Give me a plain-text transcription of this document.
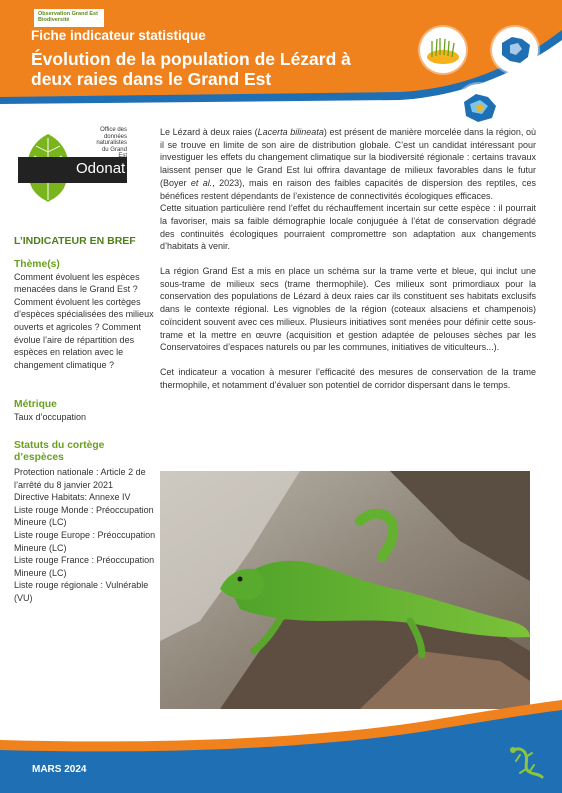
Observation Grand Est Biodiversité
Fiche indicateur statistique
Évolution de la population de Lézard à deux raies dans le Grand Est
Office des données naturalistes du Grand Est
Odonat
L’INDICATEUR EN BREF
Thème(s)
Comment évoluent les espèces menacées dans le Grand Est ? Comment évoluent les cortèges d’espèces spécialisées des milieux ouverts et agricoles ? Comment évolue l’aire de répartition des espèces en relation avec le changement climatique ?
Métrique
Taux d’occupation
Statuts du cortège d’espèces
Protection nationale : Article 2 de l’arrêté du 8 janvier 2021
Directive Habitats: Annexe IV
Liste rouge Monde : Préoccupation Mineure (LC)
Liste rouge Europe : Préoccupation Mineure (LC)
Liste rouge France : Préoccupation Mineure (LC)
Liste rouge régionale : Vulnérable (VU)

Le Lézard à deux raies (Lacerta bilineata) est présent de manière morcelée dans la région, où il se trouve en limite de son aire de distribution globale. C’est un candidat intéressant pour investiguer les effets du changement climatique sur la biodiversité régionale : certains travaux laissent penser que le Grand Est lui offrira davantage de milieux favorables dans le futur (Boyer et al., 2023), mais en raison des faibles capacités de dispersion des reptiles, ces bénéfices restent dépendants de l’existence de connectivités écologiques efficaces.

Cette situation particulière rend l’effet du réchauffement incertain sur cette espèce : il pourrait la favoriser, mais sa faible démographie locale conjuguée à l’état de conservation dégradé des continuités écologiques pourraient compromettre son adaptation aux changements d’habitats à venir.

La région Grand Est a mis en place un schéma sur la trame verte et bleue, qui inclut une sous-trame de milieux secs (trame thermophile). Ces milieux sont primordiaux pour la conservation des populations de Lézard à deux raies car ils constituent ses habitats exclusifs dans le contexte régional. Les vignobles de la région (coteaux alsaciens et champenois) coïncident souvent avec ces milieux. Plusieurs initiatives sont menées pour définir cette sous-trame et la mettre en œuvre (acquisition et gestion adaptée de pelouses sèches par les Conservatoires d’espaces naturels ou par les communes, initiatives de viticulteurs...).

Cet indicateur a vocation à mesurer l’efficacité des mesures de conservation de la trame thermophile, et notamment d’évaluer son potentiel de corridor dispersant dans le temps.

MARS 2024
